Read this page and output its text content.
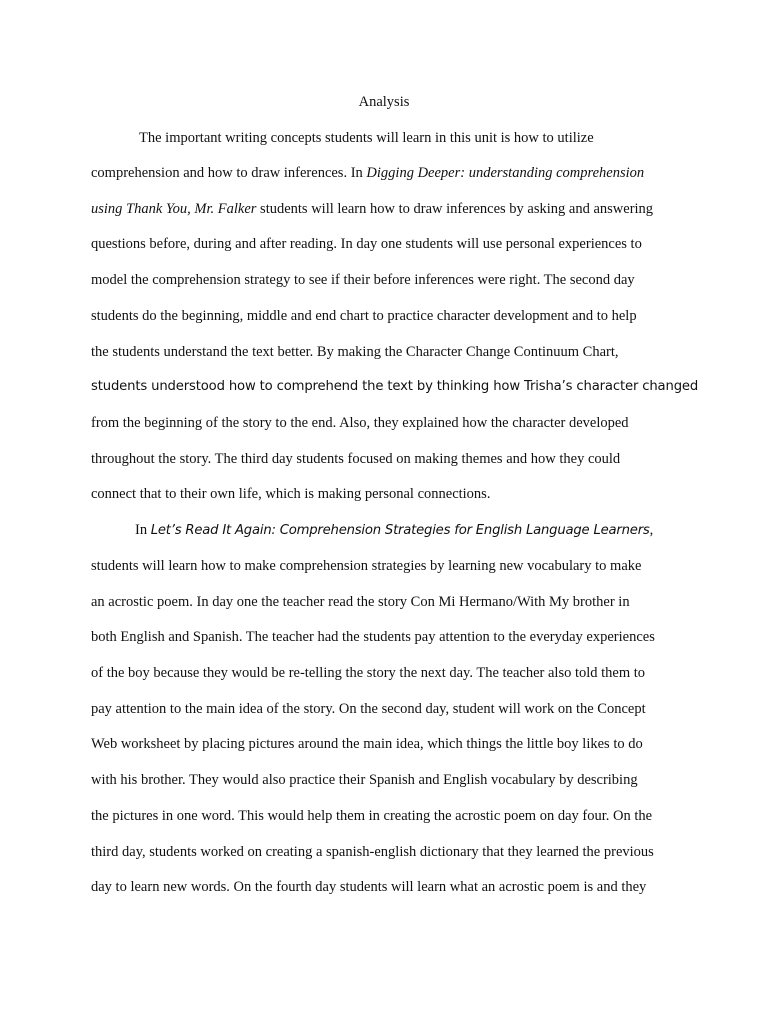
Analysis
The important writing concepts students will learn in this unit is how to utilize
comprehension and how to draw inferences. In Digging Deeper: understanding comprehension
using Thank You, Mr. Falker students will learn how to draw inferences by asking and answering
questions before, during and after reading. In day one students will use personal experiences to
model the comprehension strategy to see if their before inferences were right. The second day
students do the beginning, middle and end chart to practice character development and to help
the students understand the text better. By making the Character Change Continuum Chart,
students understood how to comprehend the text by thinking how Trisha’s character changed
from the beginning of the story to the end. Also, they explained how the character developed
throughout the story. The third day students focused on making themes and how they could
connect that to their own life, which is making personal connections.
In Let’s Read It Again: Comprehension Strategies for English Language Learners,
students will learn how to make comprehension strategies by learning new vocabulary to make
an acrostic poem. In day one the teacher read the story Con Mi Hermano/With My brother in
both English and Spanish. The teacher had the students pay attention to the everyday experiences
of the boy because they would be re-telling the story the next day. The teacher also told them to
pay attention to the main idea of the story. On the second day, student will work on the Concept
Web worksheet by placing pictures around the main idea, which things the little boy likes to do
with his brother. They would also practice their Spanish and English vocabulary by describing
the pictures in one word. This would help them in creating the acrostic poem on day four. On the
third day, students worked on creating a spanish-english dictionary that they learned the previous
day to learn new words. On the fourth day students will learn what an acrostic poem is and they
